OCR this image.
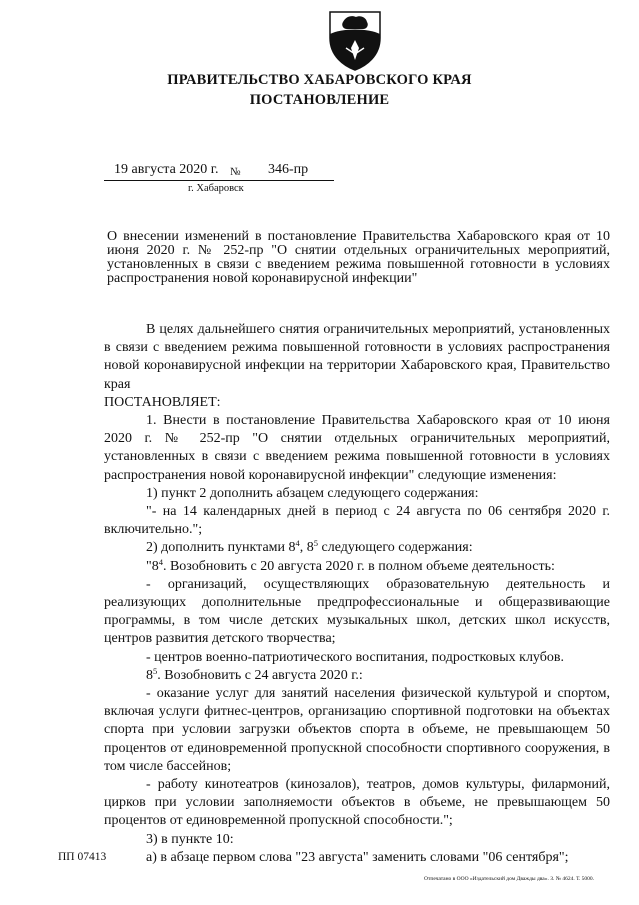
ПРАВИТЕЛЬСТВО ХАБАРОВСКОГО КРАЯ
ПОСТАНОВЛЕНИЕ
19 августа 2020 г. № 346-пр
г. Хабаровск
О внесении изменений в постановление Правительства Хабаровского края от 10 июня 2020 г. № 252-пр "О снятии отдельных ограничительных мероприятий, установленных в связи с введением режима повышенной готовности в условиях распространения новой коронавирусной инфекции"

В целях дальнейшего снятия ограничительных мероприятий, установленных в связи с введением режима повышенной готовности в условиях распространения новой коронавирусной инфекции на территории Хабаровского края, Правительство края

ПОСТАНОВЛЯЕТ:

1. Внести в постановление Правительства Хабаровского края от 10 июня 2020 г. № 252-пр "О снятии отдельных ограничительных мероприятий, установленных в связи с введением режима повышенной готовности в условиях распространения новой коронавирусной инфекции" следующие изменения:

1) пункт 2 дополнить абзацем следующего содержания:

"- на 14 календарных дней в период с 24 августа по 06 сентября 2020 г. включительно.";

2) дополнить пунктами $8^4$, $8^5$ следующего содержания:

"$8^4$. Возобновить с 20 августа 2020 г. в полном объеме деятельность:

- организаций, осуществляющих образовательную деятельность и реализующих дополнительные предпрофессиональные и общеразвивающие программы, в том числе детских музыкальных школ, детских школ искусств, центров развития детского творчества;

- центров военно-патриотического воспитания, подростковых клубов.

$8^5$. Возобновить с 24 августа 2020 г.:

- оказание услуг для занятий населения физической культурой и спортом, включая услуги фитнес-центров, организацию спортивной подготовки на объектах спорта при условии загрузки объектов спорта в объеме, не превышающем 50 процентов от единовременной пропускной способности спортивного сооружения, в том числе бассейнов;

- работу кинотеатров (кинозалов), театров, домов культуры, филармоний, цирков при условии заполняемости объектов в объеме, не превышающем 50 процентов от единовременной пропускной способности.";

3) в пункте 10:

а) в абзаце первом слова "23 августа" заменить словами "06 сентября";

ПП 07413
Отпечатано в ООО «Издательский дом Дважды два». З. № 4624. Т. 5000.
